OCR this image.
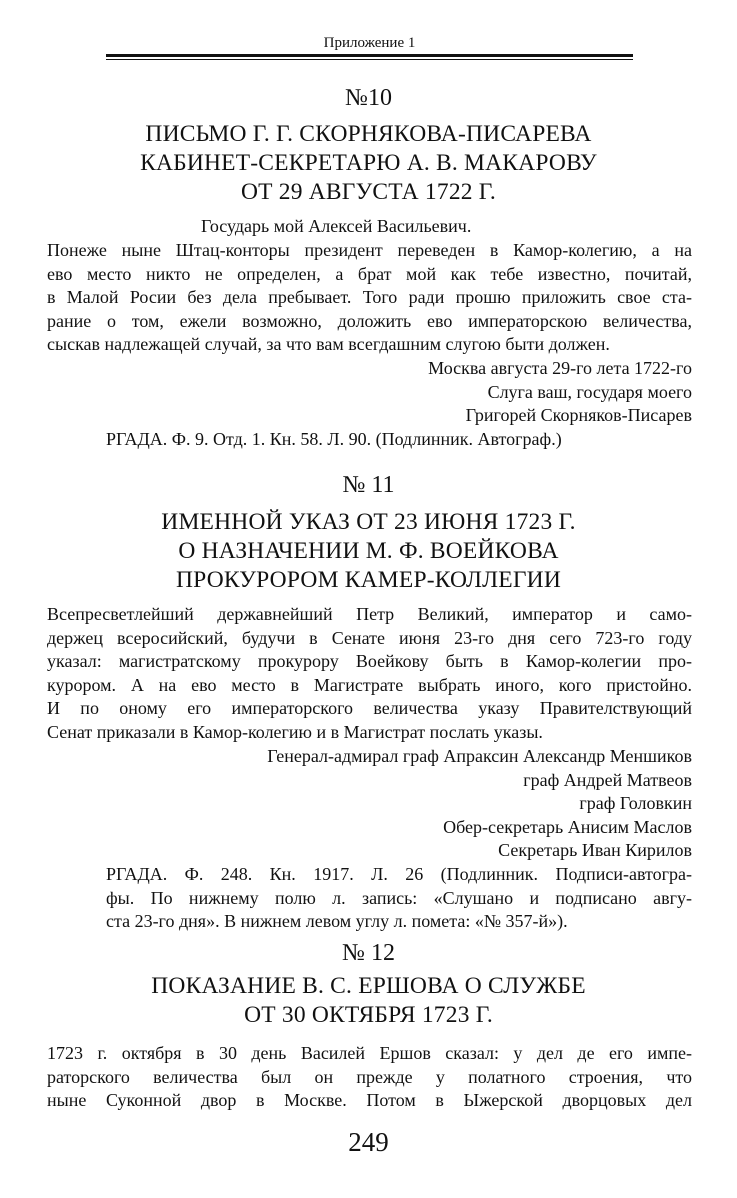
Приложение 1
№10
ПИСЬМО Г. Г. СКОРНЯКОВА-ПИСАРЕВА
КАБИНЕТ-СЕКРЕТАРЮ А. В. МАКАРОВУ
ОТ 29 АВГУСТА 1722 Г.
Государь мой Алексей Васильевич.
Понеже ныне Штац-конторы президент переведен в Камор-колегию, а на
ево место никто не определен, а брат мой как тебе известно, почитай,
в Малой Росии без дела пребывает. Того ради прошю приложить свое ста-
рание о том, ежели возможно, доложить ево императорскою величества,
сыскав надлежащей случай, за что вам всегдашним слугою быти должен.
Москва августа 29-го лета 1722-го
Слуга ваш, государя моего
Григорей Скорняков-Писарев
РГАДА. Ф. 9. Отд. 1. Кн. 58. Л. 90. (Подлинник. Автограф.)
№ 11
ИМЕННОЙ УКАЗ ОТ 23 ИЮНЯ 1723 Г.
О НАЗНАЧЕНИИ М. Ф. ВОЕЙКОВА
ПРОКУРОРОМ КАМЕР-КОЛЛЕГИИ
Всепресветлейший державнейший Петр Великий, император и само-
держец всеросийский, будучи в Сенате июня 23-го дня сего 723-го году
указал: магистратскому прокурору Воейкову быть в Камор-колегии про-
курором. А на ево место в Магистрате выбрать иного, кого пристойно.
И по оному его императорского величества указу Правителствующий
Сенат приказали в Камор-колегию и в Магистрат послать указы.
Генерал-адмирал граф Апраксин Александр Меншиков
граф Андрей Матвеов
граф Головкин
Обер-секретарь Анисим Маслов
Секретарь Иван Кирилов
РГАДА. Ф. 248. Кн. 1917. Л. 26 (Подлинник. Подписи-автогра-
фы. По нижнему полю л. запись: «Слушано и подписано авгу-
ста 23-го дня». В нижнем левом углу л. помета: «№ 357-й»).
№ 12
ПОКАЗАНИЕ В. С. ЕРШОВА О СЛУЖБЕ
ОТ 30 ОКТЯБРЯ 1723 Г.
1723 г. октября в 30 день Василей Ершов сказал: у дел де его импе-
раторского величества был он прежде у полатного строения, что
ныне Суконной двор в Москве. Потом в Ыжерской дворцовых дел
249
